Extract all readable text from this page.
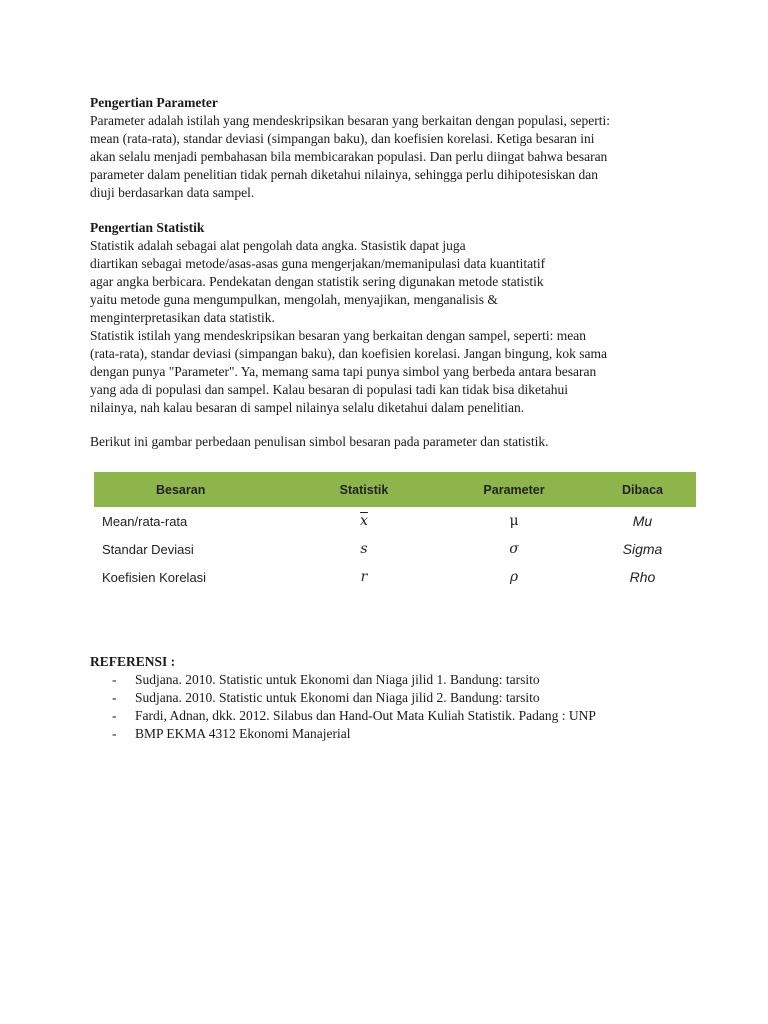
Pengertian Parameter
Parameter adalah istilah yang mendeskripsikan besaran yang berkaitan dengan populasi, seperti:
mean (rata-rata), standar deviasi (simpangan baku), dan koefisien korelasi. Ketiga besaran ini
akan selalu menjadi pembahasan bila membicarakan populasi. Dan perlu diingat bahwa besaran
parameter dalam penelitian tidak pernah diketahui nilainya, sehingga perlu dihipotesiskan dan
diuji berdasarkan data sampel.
Pengertian Statistik
Statistik adalah sebagai alat pengolah data angka. Stasistik dapat juga
diartikan sebagai metode/asas-asas guna mengerjakan/memanipulasi data kuantitatif
agar angka berbicara. Pendekatan dengan statistik sering digunakan metode statistik
yaitu metode guna mengumpulkan, mengolah, menyajikan, menganalisis &
menginterpretasikan data statistik.
Statistik istilah yang mendeskripsikan besaran yang berkaitan dengan sampel, seperti: mean
(rata-rata), standar deviasi (simpangan baku), dan koefisien korelasi. Jangan bingung, kok sama
dengan punya "Parameter". Ya, memang sama tapi punya simbol yang berbeda antara besaran
yang ada di populasi dan sampel. Kalau besaran di populasi tadi kan tidak bisa diketahui
nilainya, nah kalau besaran di sampel nilainya selalu diketahui dalam penelitian.
Berikut ini gambar perbedaan penulisan simbol besaran pada parameter dan statistik.
Besaran	Statistik	Parameter	Dibaca
Mean/rata-rata	$\overline{x}$	μ	Mu
Standar Deviasi	s	σ	Sigma
Koefisien Korelasi	r	ρ	Rho
REFERENSI :
-	Sudjana. 2010. Statistic untuk Ekonomi dan Niaga jilid 1. Bandung: tarsito
-	Sudjana. 2010. Statistic untuk Ekonomi dan Niaga jilid 2. Bandung: tarsito
-	Fardi, Adnan, dkk. 2012. Silabus dan Hand-Out Mata Kuliah Statistik. Padang : UNP
-	BMP EKMA 4312 Ekonomi Manajerial
